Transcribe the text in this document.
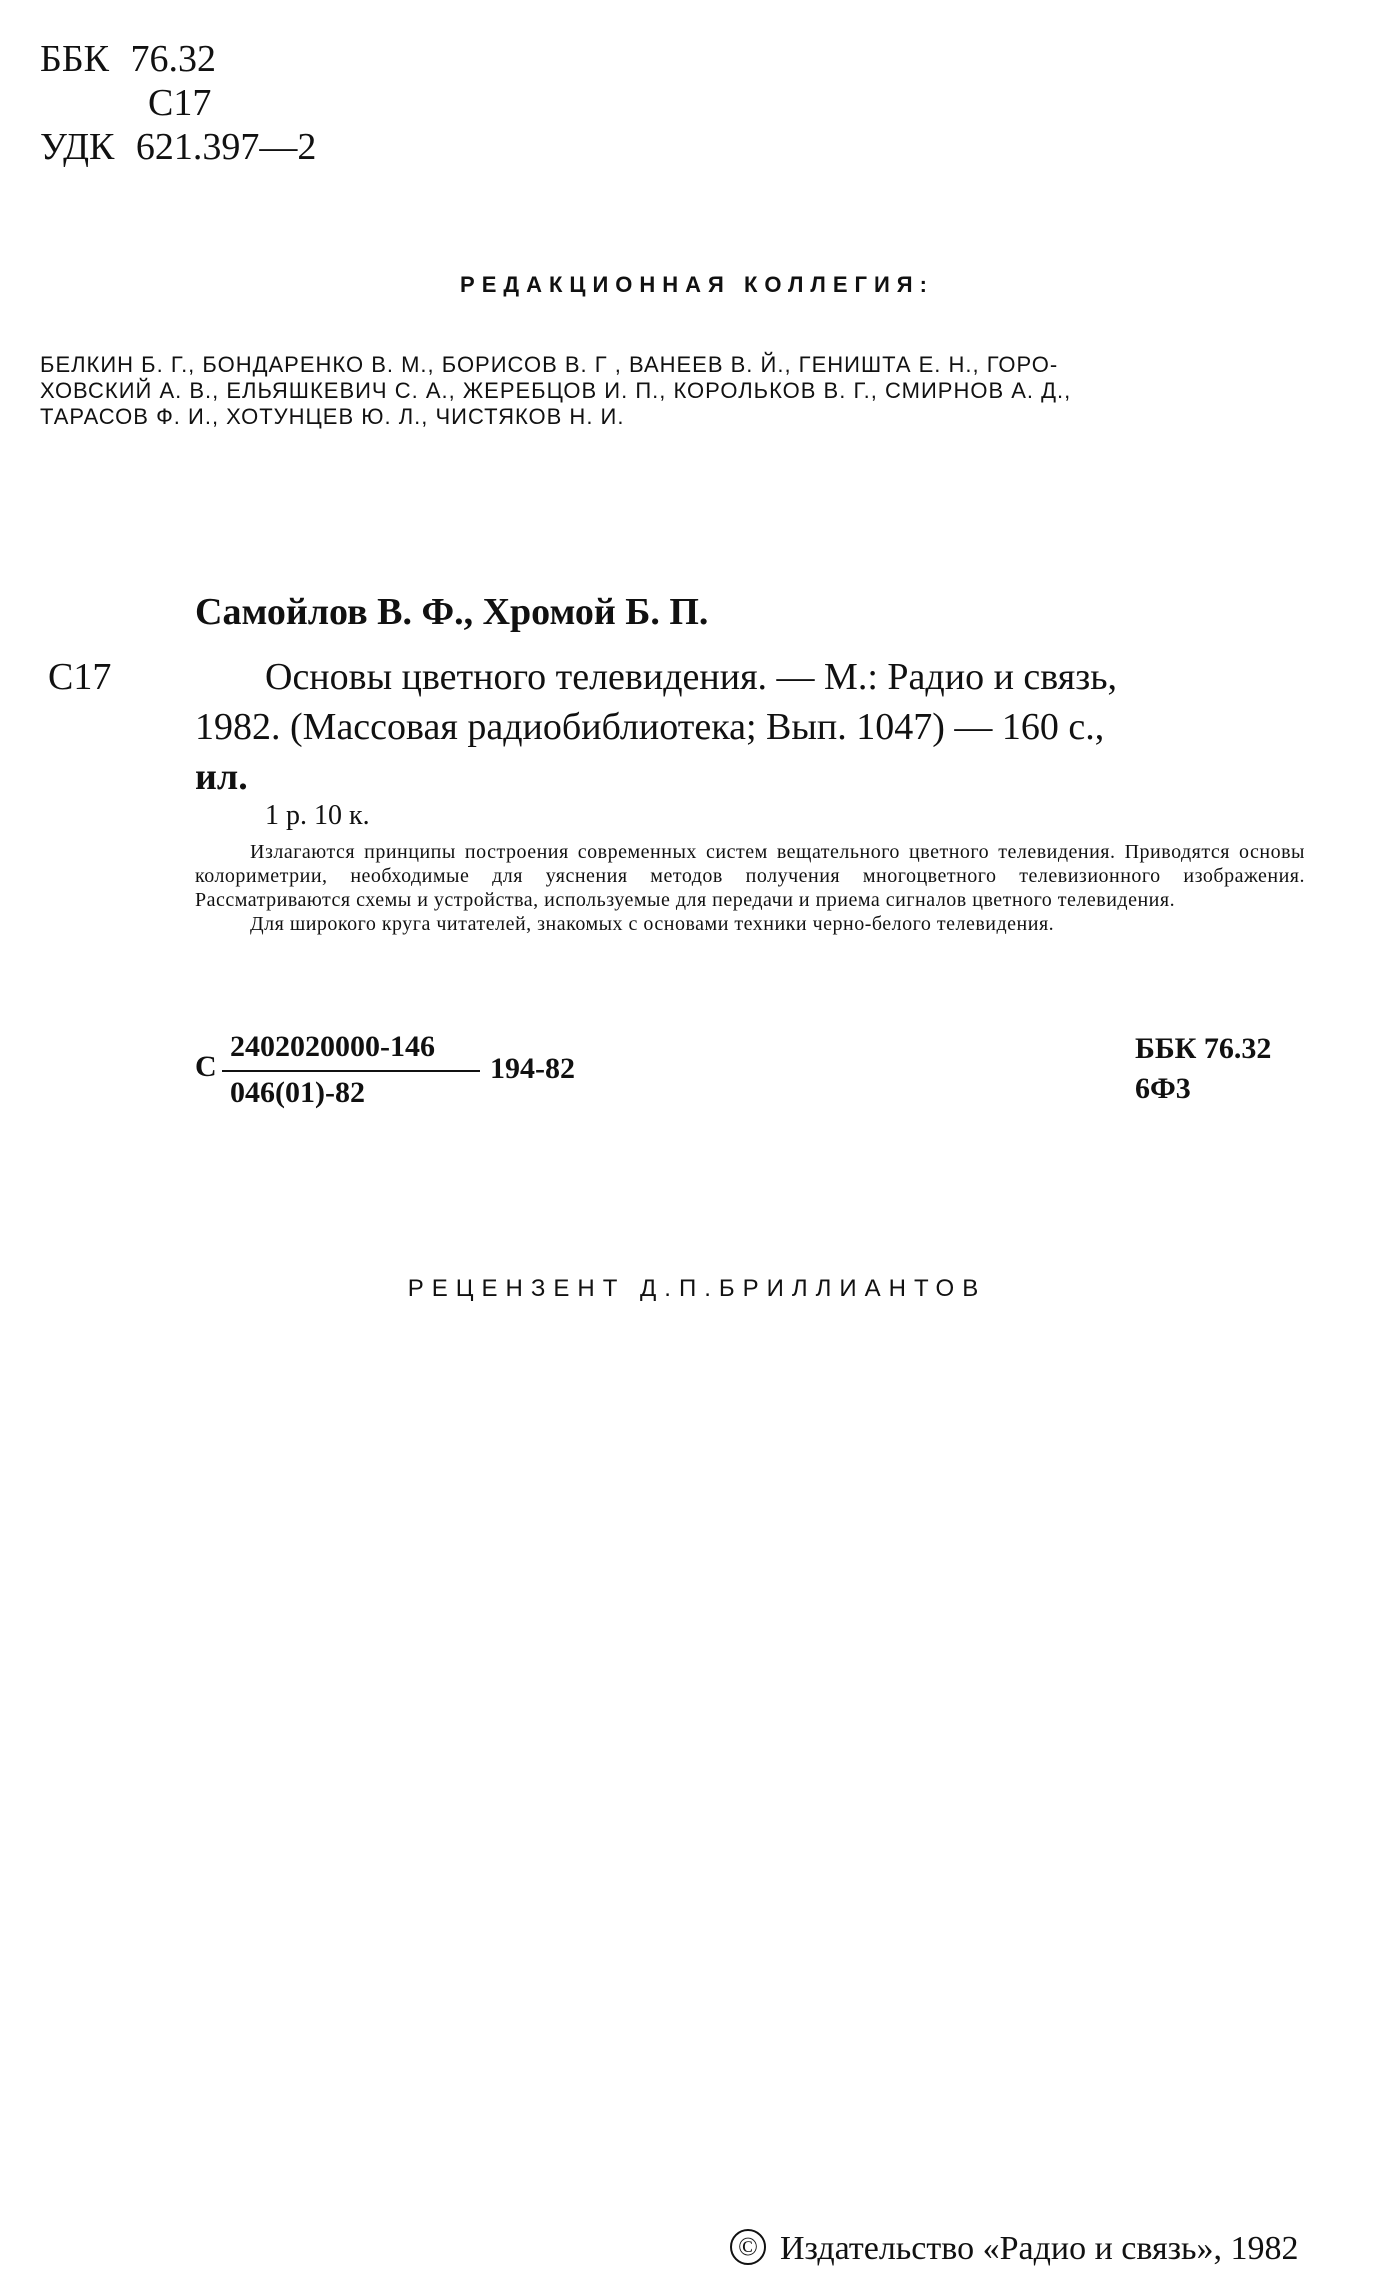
ББК 76.32
С17
УДК 621.397—2
РЕДАКЦИОННАЯ КОЛЛЕГИЯ:
БЕЛКИН Б. Г., БОНДАРЕНКО В. М., БОРИСОВ В. Г , ВАНЕЕВ В. Й., ГЕНИШТА Е. Н., ГОРО-
ХОВСКИЙ А. В., ЕЛЬЯШКЕВИЧ С. А., ЖЕРЕБЦОВ И. П., КОРОЛЬКОВ В. Г., СМИРНОВ А. Д.,
ТАРАСОВ Ф. И., ХОТУНЦЕВ Ю. Л., ЧИСТЯКОВ Н. И.
Самойлов В. Ф., Хромой Б. П.
С17	Основы цветного телевидения. — М.: Радио и связь,
1982. (Массовая радиобиблиотека; Вып. 1047) — 160 с.,
ил.
1 р. 10 к.

Излагаются принципы построения современных систем вещательного цветного телевидения. Приводятся основы колориметрии, необходимые для уяснения методов получения многоцветного телевизионного изображения. Рассматриваются схемы и устройства, используемые для передачи и приема сигналов цветного телевидения.

Для широкого круга читателей, знакомых с основами техники черно-белого телевидения.

2402020000-146
С
046(01)-82
194-82
ББК 76.32
6Ф3
РЕЦЕНЗЕНТ Д.П.БРИЛЛИАНТОВ
© Издательство «Радио и связь», 1982
